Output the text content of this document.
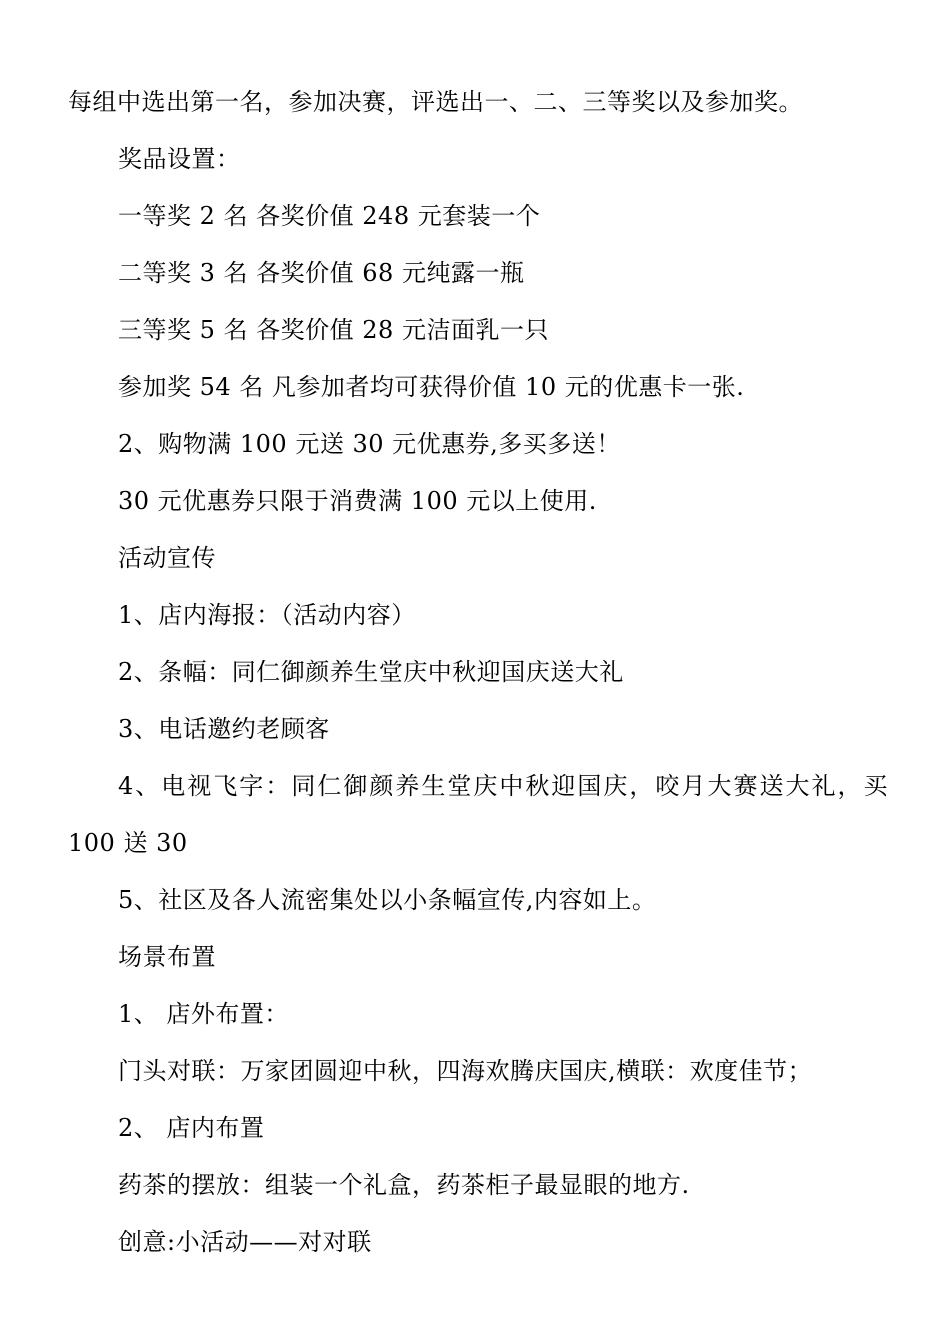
每组中选出第一名，参加决赛，评选出一、二、三等奖以及参加奖。
奖品设置：
一等奖 2 名 各奖价值 248 元套装一个
二等奖 3 名 各奖价值 68 元纯露一瓶
三等奖 5 名 各奖价值 28 元洁面乳一只
参加奖 54 名 凡参加者均可获得价值 10 元的优惠卡一张.
2、购物满 100 元送 30 元优惠券,多买多送！
30 元优惠券只限于消费满 100 元以上使用.
活动宣传
1、店内海报：（活动内容）
2、条幅：同仁御颜养生堂庆中秋迎国庆送大礼
3、电话邀约老顾客
4、电视飞字：同仁御颜养生堂庆中秋迎国庆，咬月大赛送大礼，买
100 送 30
5、社区及各人流密集处以小条幅宣传,内容如上。
场景布置
1、 店外布置：
门头对联：万家团圆迎中秋，四海欢腾庆国庆,横联：欢度佳节；
2、 店内布置
药茶的摆放：组装一个礼盒，药茶柜子最显眼的地方.
创意:小活动——对对联
